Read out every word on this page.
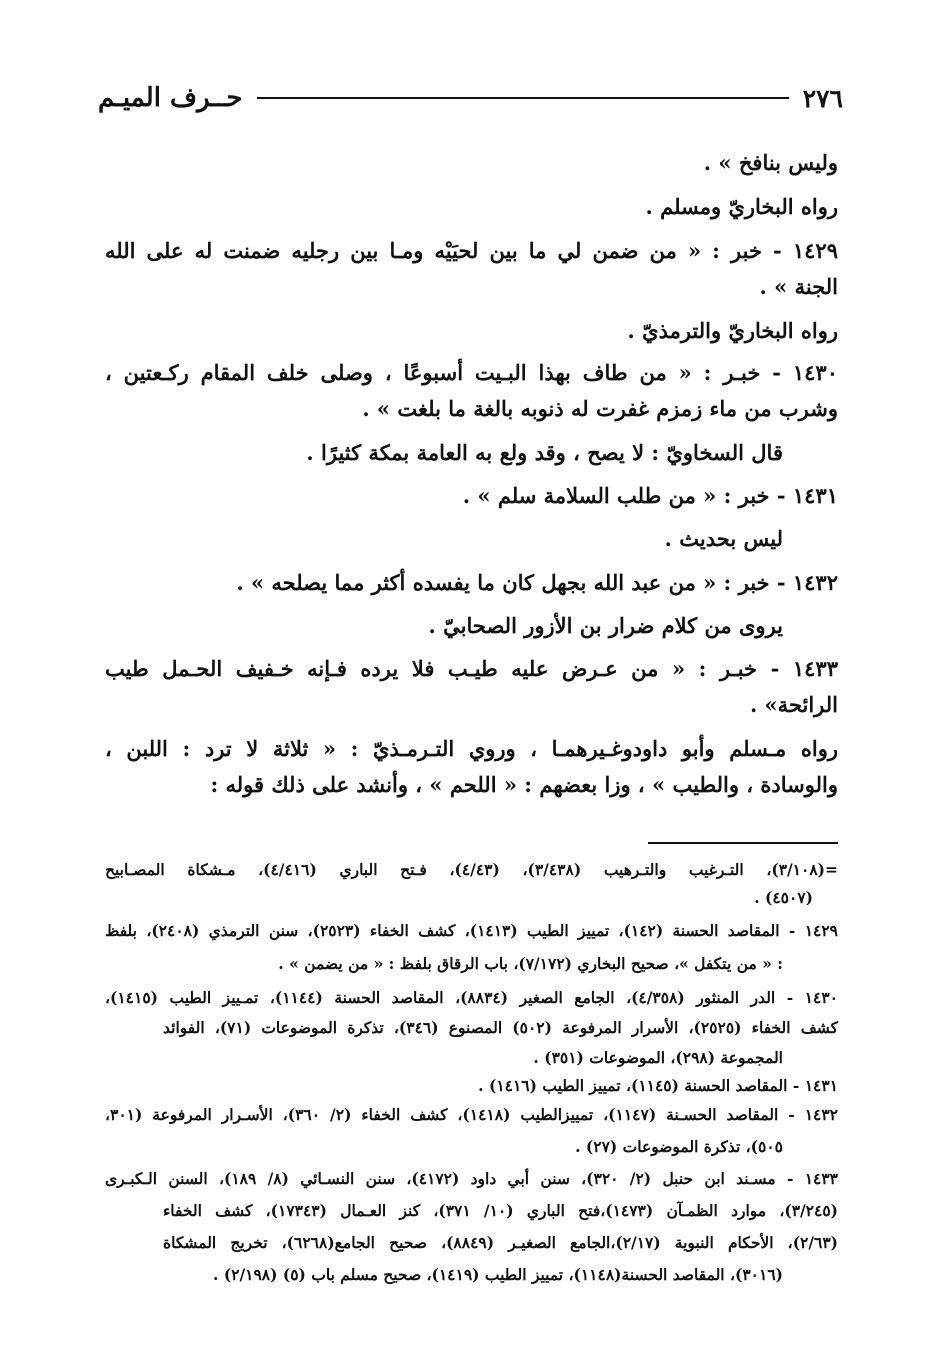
٢٧٦
حــرف الميـم
وليس بنافخ » .
رواه البخاريّ ومسلم .
١٤٢٩ - خبر : « من ضمن لي ما بين لحيَيْه ومـا بين رجليه ضمنت له على الله
الجنة » .
رواه البخاريّ والترمذيّ .
١٤٣٠ - خبـر : « من طاف بهذا البـيت أسبوعًا ، وصلى خلف المقام ركـعتين ،
وشرب من ماء زمزم غفرت له ذنوبه بالغة ما بلغت » .
قال السخاويّ : لا يصح ، وقد ولع به العامة بمكة كثيرًا .
١٤٣١ - خبر : « من طلب السلامة سلم » .
ليس بحديث .
١٤٣٢ - خبر : « من عبد الله بجهل كان ما يفسده أكثر مما يصلحه » .
يروى من كلام ضرار بن الأزور الصحابيّ .
١٤٣٣ - خبـر : « من عـرض عليه طيـب فلا يرده فـإنه خـفيف الحـمل طيب
الرائحة» .
رواه مـسلم وأبو داودوغـيرهمـا ، وروي التـرمـذيّ : « ثلاثة لا ترد : اللبن ،
والوسادة ، والطيب » ، وزا بعضهم : « اللحم » ، وأنشد على ذلك قوله :
=(٣/١٠٨)، التـرغيب والتـرهيب (٣/٤٣٨)، (٤/٤٣)، فـتح الباري (٤/٤١٦)، مـشكاة المصـابيح
(٤٥٠٧) .
١٤٢٩ - المقاصد الحسنة (١٤٢)، تمييز الطيب (١٤١٣)، كشف الخفاء (٢٥٢٣)، سنن الترمذي (٢٤٠٨)، بلفظ
: « من يتكفل »، صحيح البخاري (٧/١٧٢)، باب الرقاق بلفظ : « من يضمن » .
١٤٣٠ - الدر المنثور (٤/٣٥٨)، الجامع الصغير (٨٨٣٤)، المقاصد الحسنة (١١٤٤)، تمـييز الطيب (١٤١٥)،
كشف الخفاء (٢٥٢٥)، الأسرار المرفوعة (٥٠٢) المصنوع (٣٤٦)، تذكرة الموضوعات (٧١)، الفوائد
المجموعة (٢٩٨)، الموضوعات (٣٥١) .
١٤٣١ - المقاصد الحسنة (١١٤٥)، تمييز الطيب (١٤١٦) .
١٤٣٢ - المقاصد الحسـنة (١١٤٧)، تمييزالطيب (١٤١٨)، كشف الخفاء (٢/ ٣٦٠)، الأسـرار المرفوعة (٣٠١،
٥٠٥)، تذكرة الموضوعات (٢٧) .
١٤٣٣ - مسـند ابن حنبل (٢/ ٣٢٠)، سنن أبي داود (٤١٧٢)، سنن النسـائي (٨/ ١٨٩)، السنن الـكبـرى
(٣/٢٤٥)، موارد الظمـآن (١٤٧٣)،فتح الباري (١٠/ ٣٧١)، كنز العـمال (١٧٣٤٣)، كشف الخفاء
(٢/٦٣)، الأحكام النبوية (٢/١٧)،الجامع الصغيـر (٨٨٤٩)، صحيح الجامع(٦٢٦٨)، تخريج المشكاة
(٣٠١٦)، المقاصد الحسنة(١١٤٨)، تمييز الطيب (١٤١٩)، صحيح مسلم باب (٥) (٢/١٩٨) .
